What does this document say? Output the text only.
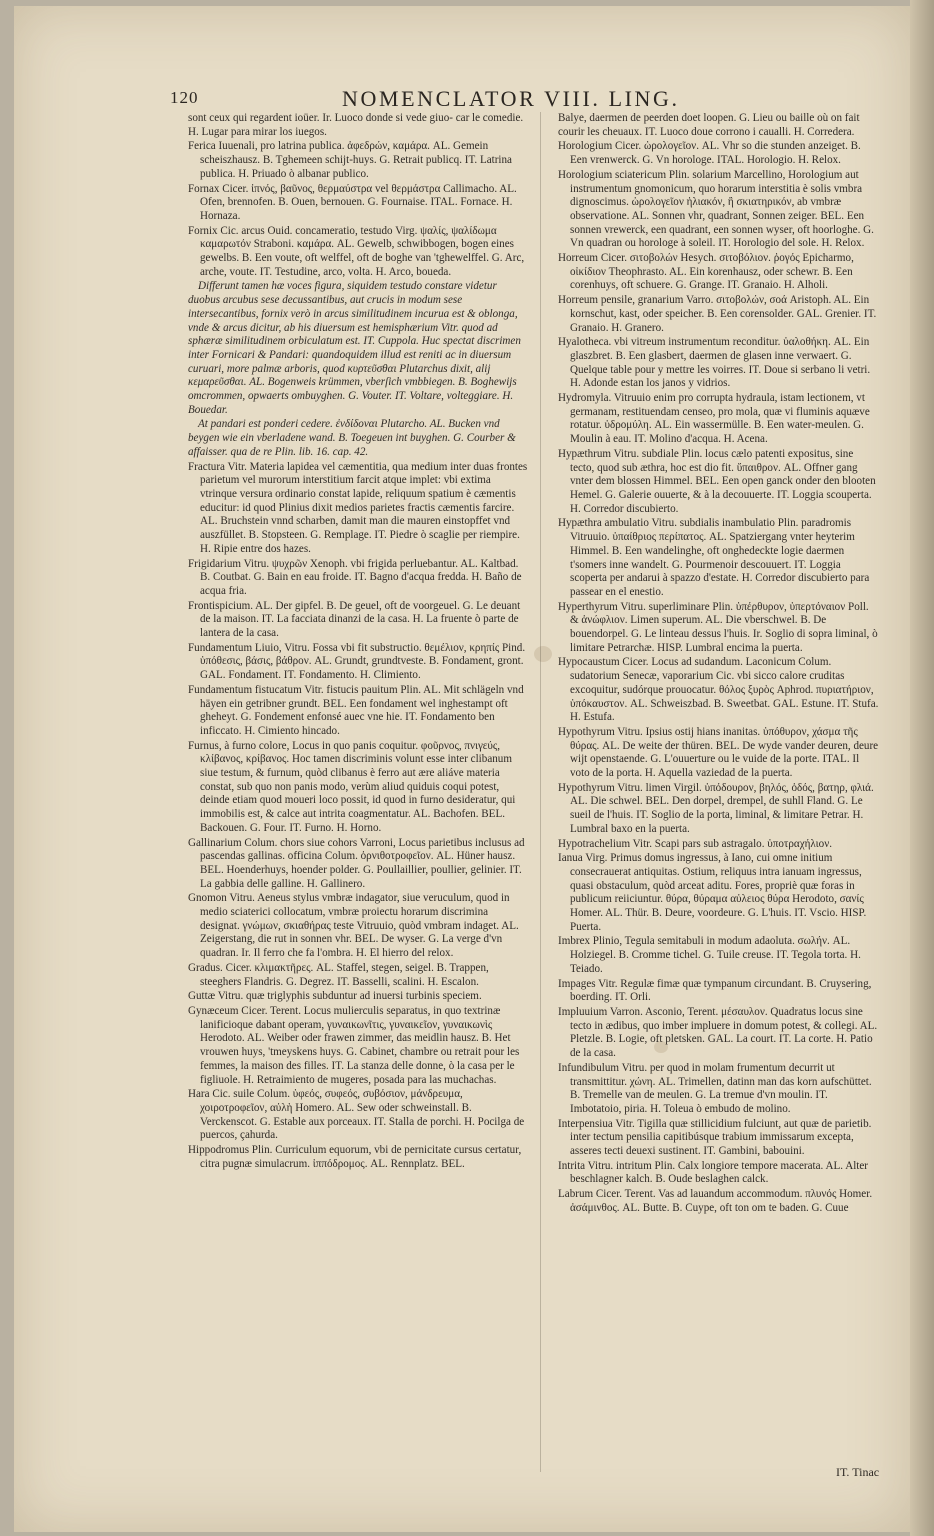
120	NOMENCLATOR VIII. LING.

sont ceux qui regardent ioüer. Ir. Luoco donde si vede giuo- car le comedie. H. Lugar para mirar los iuegos.

Ferica Iuuenali, pro latrina publica. ἀφεδρών, καμάρα. AL. Gemein scheiszhausz. B. Tghemeen schijt-huys. G. Retrait publicq. IT. Latrina publica. H. Priuado ò albanar publico.

Fornax Cicer. ἰπνός, βαῦνος, θερμαύστρα vel θερμάστρα Callimacho. AL. Ofen, brennofen. B. Ouen, bernouen. G. Fournaise. ITAL. Fornace. H. Hornaza.

Fornix Cic. arcus Ouid. concameratio, testudo Virg. ψαλίς, ψαλίδωμα καμαρωτόν Straboni. καμάρα. AL. Gewelb, schwibbogen, bogen eines gewelbs. B. Een voute, oft welffel, oft de boghe van 'tghewelffel. G. Arc, arche, voute. IT. Testudine, arco, volta. H. Arco, boueda.

Differunt tamen hæ voces figura, siquidem testudo constare videtur duobus arcubus sese decussantibus, aut crucis in modum sese intersecantibus, fornix verò in arcus similitudinem incurua est & oblonga, vnde & arcus dicitur, ab his diuersum est hemisphærium Vitr. quod ad sphæræ similitudinem orbiculatum est. IT. Cuppola. Huc spectat discrimen inter Fornicari & Pandari: quandoquidem illud est reniti ac in diuersum curuari, more palmæ arboris, quod κυρτεῦσθαι Plutarchus dixit, alij κεμαρεῦσθαι. AL. Bogenweis krümmen, vberſich vmbbiegen. B. Boghewijs omcrommen, opwaerts ombuyghen. G. Vouter. IT. Voltare, volteggiare. H. Bouedar.

At pandari est ponderi cedere. ἐνδίδοναι Plutarcho. AL. Bucken vnd beygen wie ein vberladene wand. B. Toegeuen int buyghen. G. Courber & affaisser. qua de re Plin. lib. 16. cap. 42.

Fractura Vitr. Materia lapidea vel cæmentitia, qua medium inter duas frontes parietum vel murorum interstitium farcit atque implet: vbi extima vtrinque versura ordinario constat lapide, reliquum spatium è cæmentis educitur: id quod Plinius dixit medios parietes fractis cæmentis farcire. AL. Bruchstein vnnd scharben, damit man die mauren einstopffet vnd auszfüllet. B. Stopsteen. G. Remplage. IT. Piedre ò scaglie per riempire. H. Ripie entre dos hazes.

Frigidarium Vitru. ψυχρῶν Xenoph. vbi frigida perluebantur. AL. Kaltbad. B. Coutbat. G. Bain en eau froide. IT. Bagno d'acqua fredda. H. Baño de acqua fria.

Frontispicium. AL. Der gipfel. B. De geuel, oft de voorgeuel. G. Le deuant de la maison. IT. La facciata dinanzi de la casa. H. La fruente ò parte de lantera de la casa.

Fundamentum Liuio, Vitru. Fossa vbi fit substructio. θεμέλιον, κρηπίς Pind. ὑπόθεσις, βάσις, βάθρον. AL. Grundt, grundtveste. B. Fondament, gront. GAL. Fondament. IT. Fondamento. H. Climiento.

Fundamentum fistucatum Vitr. fistucis pauitum Plin. AL. Mit schlägeln vnd häyen ein getribner grundt. BEL. Een fondament wel inghestampt oft gheheyt. G. Fondement enfonsé auec vne hie. IT. Fondamento ben inficcato. H. Cimiento hincado.

Furnus, à furno colore, Locus in quo panis coquitur. φοῦρνος, πνιγεύς, κλίβανος, κρίβανος. Hoc tamen discriminis volunt esse inter clibanum siue testum, & furnum, quòd clibanus è ferro aut ære aliáve materia constat, sub quo non panis modo, verùm aliud quiduis coqui potest, deinde etiam quod moueri loco possit, id quod in furno desideratur, qui immobilis est, & calce aut intrita coagmentatur. AL. Bachofen. BEL. Backouen. G. Four. IT. Furno. H. Horno.

Gallinarium Colum. chors siue cohors Varroni, Locus parietibus inclusus ad pascendas gallinas. officina Colum. ὀρνιθοτροφεῖον. AL. Hüner hausz. BEL. Hoenderhuys, hoender polder. G. Poullaillier, poullier, gelinier. IT. La gabbia delle galline. H. Gallinero.

Gnomon Vitru. Aeneus stylus vmbræ indagator, siue veruculum, quod in medio sciaterici collocatum, vmbræ proiectu horarum discrimina designat. γνώμων, σκιαθήρας teste Vitruuio, quòd vmbram indaget. AL. Zeigerstang, die rut in sonnen vhr. BEL. De wyser. G. La verge d'vn quadran. Ir. Il ferro che fa l'ombra. H. El hierro del relox.

Gradus. Cicer. κλιμακτῆρες. AL. Staffel, stegen, seigel. B. Trappen, steeghers Flandris. G. Degrez. IT. Basselli, scalini. H. Escalon.

Guttæ Vitru. quæ triglyphis subduntur ad inuersi turbinis speciem.

Gynæceum Cicer. Terent. Locus mulierculis separatus, in quo textrinæ lanificioque dabant operam, γυναικωνῖτις, γυναικεῖον, γυναικωνὶς Herodoto. AL. Weiber oder frawen zimmer, das meidlin hausz. B. Het vrouwen huys, 'tmeyskens huys. G. Cabinet, chambre ou retrait pour les femmes, la maison des filles. IT. La stanza delle donne, ò la casa per le figliuole. H. Retraimiento de mugeres, posada para las muchachas.

Hara Cic. suile Colum. ὑφεός, συφεός, συβόσιον, μάνδρευμα, χοιροτροφεῖον, αὐλὴ Homero. AL. Sew oder schweinstall. B. Verckenscot. G. Estable aux porceaux. IT. Stalla de porchi. H. Pocilga de puercos, çahurda.

Hippodromus Plin. Curriculum equorum, vbi de pernicitate cursus certatur, citra pugnæ simulacrum. ἱππόδρομος. AL. Rennplatz. BEL.

Balye, daermen de peerden doet loopen. G. Lieu ou baille où on fait courir les cheuaux. IT. Luoco doue corrono i caualli. H. Corredera.

Horologium Cicer. ὡρολογεῖον. AL. Vhr so die stunden anzeiget. B. Een vrenwerck. G. Vn horologe. ITAL. Horologio. H. Relox.

Horologium sciatericum Plin. solarium Marcellino, Horologium aut instrumentum gnomonicum, quo horarum interstitia è solis vmbra dignoscimus. ὡρολογεῖον ἡλιακόν, ἢ σκιατηρικόν, ab vmbræ observatione. AL. Sonnen vhr, quadrant, Sonnen zeiger. BEL. Een sonnen vrewerck, een quadrant, een sonnen wyser, oft hoorloghe. G. Vn quadran ou horologe à soleil. IT. Horologio del sole. H. Relox.

Horreum Cicer. σιτοβολών Hesych. σιτοβόλιον. ῥογός Epicharmo, οἰκίδιον Theophrasto. AL. Ein korenhausz, oder schewr. B. Een corenhuys, oft schuere. G. Grange. IT. Granaio. H. Alholi.

Horreum pensile, granarium Varro. σιτοβολών, σοά Aristoph. AL. Ein kornschut, kast, oder speicher. B. Een corensolder. GAL. Grenier. IT. Granaio. H. Granero.

Hyalotheca. vbi vitreum instrumentum reconditur. ὑαλοθήκη. AL. Ein glaszbret. B. Een glasbert, daermen de glasen inne verwaert. G. Quelque table pour y mettre les voirres. IT. Doue si serbano li vetri. H. Adonde estan los janos y vidrios.

Hydromyla. Vitruuio enim pro corrupta hydraula, istam lectionem, vt germanam, restituendam censeo, pro mola, quæ vi fluminis aquæve rotatur. ὑδρομύλη. AL. Ein wassermülle. B. Een water-meulen. G. Moulin à eau. IT. Molino d'acqua. H. Acena.

Hypæthrum Vitru. subdiale Plin. locus cælo patenti expositus, sine tecto, quod sub æthra, hoc est dio fit. ὕπαιθρον. AL. Offner gang vnter dem blossen Himmel. BEL. Een open ganck onder den blooten Hemel. G. Galerie ouuerte, & à la decouuerte. IT. Loggia scouperta. H. Corredor discubierto.

Hypæthra ambulatio Vitru. subdialis inambulatio Plin. paradromis Vitruuio. ὑπαίθριος περίπατος. AL. Spatziergang vnter heyterim Himmel. B. Een wandelinghe, oft onghedeckte logie daermen t'somers inne wandelt. G. Pourmenoir descouuert. IT. Loggia scoperta per andarui à spazzo d'estate. H. Corredor discubierto para passear en el enestio.

Hyperthyrum Vitru. superliminare Plin. ὑπέρθυρον, ὑπερτόναιον Poll. & ἀνώφλιον. Limen superum. AL. Die vberschwel. B. De bouendorpel. G. Le linteau dessus l'huis. Ir. Soglio di sopra liminal, ò limitare Petrarchæ. HISP. Lumbral encima la puerta.

Hypocaustum Cicer. Locus ad sudandum. Laconicum Colum. sudatorium Senecæ, vaporarium Cic. vbi sicco calore cruditas excoquitur, sudórque prouocatur. θόλος ξυρὸς Aphrod. πυριατήριον, ὑπόκαυστον. AL. Schweiszbad. B. Sweetbat. GAL. Estune. IT. Stufa. H. Estufa.

Hypothyrum Vitru. Ipsius ostij hians inanitas. ὑπόθυρον, χάσμα τῆς θύρας. AL. De weite der thüren. BEL. De wyde vander deuren, deure wijt openstaende. G. L'ouuerture ou le vuide de la porte. ITAL. Il voto de la porta. H. Aquella vaziedad de la puerta.

Hypothyrum Vitru. limen Virgil. ὑπόδουρον, βηλός, ὀδός, βατηρ, φλιά. AL. Die schwel. BEL. Den dorpel, drempel, de suhll Fland. G. Le sueil de l'huis. IT. Soglio de la porta, liminal, & limitare Petrar. H. Lumbral baxo en la puerta.

Hypotrachelium Vitr. Scapi pars sub astragalo. ὑποτραχήλιον.

Ianua Virg. Primus domus ingressus, à Iano, cui omne initium consecrauerat antiquitas. Ostium, reliquus intra ianuam ingressus, quasi obstaculum, quòd arceat aditu. Fores, propriè quæ foras in publicum reiiciuntur. θύρα, θύραμα αὐλειος θύρα Herodoto, σανίς Homer. AL. Thür. B. Deure, voordeure. G. L'huis. IT. Vscio. HISP. Puerta.

Imbrex Plinio, Tegula semitabuli in modum adaoluta. σωλήν. AL. Holziegel. B. Cromme tichel. G. Tuile creuse. IT. Tegola torta. H. Teiado.

Impages Vitr. Regulæ fimæ quæ tympanum circundant. B. Cruysering, boerding. IT. Orli.

Impluuium Varron. Asconio, Terent. μέσαυλον. Quadratus locus sine tecto in ædibus, quo imber impluere in domum potest, & collegi. AL. Pletzle. B. Logie, oft pletsken. GAL. La court. IT. La corte. H. Patio de la casa.

Infundibulum Vitru. per quod in molam frumentum decurrit ut transmittitur. χώνη. AL. Trimellen, datinn man das korn aufschüttet. B. Tremelle van de meulen. G. La tremue d'vn moulin. IT. Imbotatoio, piria. H. Toleua ò embudo de molino.

Interpensiua Vitr. Tigilla quæ stillicidium fulciunt, aut quæ de parietib. inter tectum pensilia capitibúsque trabium immissarum excepta, asseres tecti deuexi sustinent. IT. Gambini, babouini.

Intrita Vitru. intritum Plin. Calx longiore tempore macerata. AL. Alter beschlagner kalch. B. Oude beslaghen calck.

Labrum Cicer. Terent. Vas ad lauandum accommodum. πλυνός Homer. ἀσάμινθος. AL. Butte. B. Cuype, oft ton om te baden. G. Cuue

IT. Tinac
